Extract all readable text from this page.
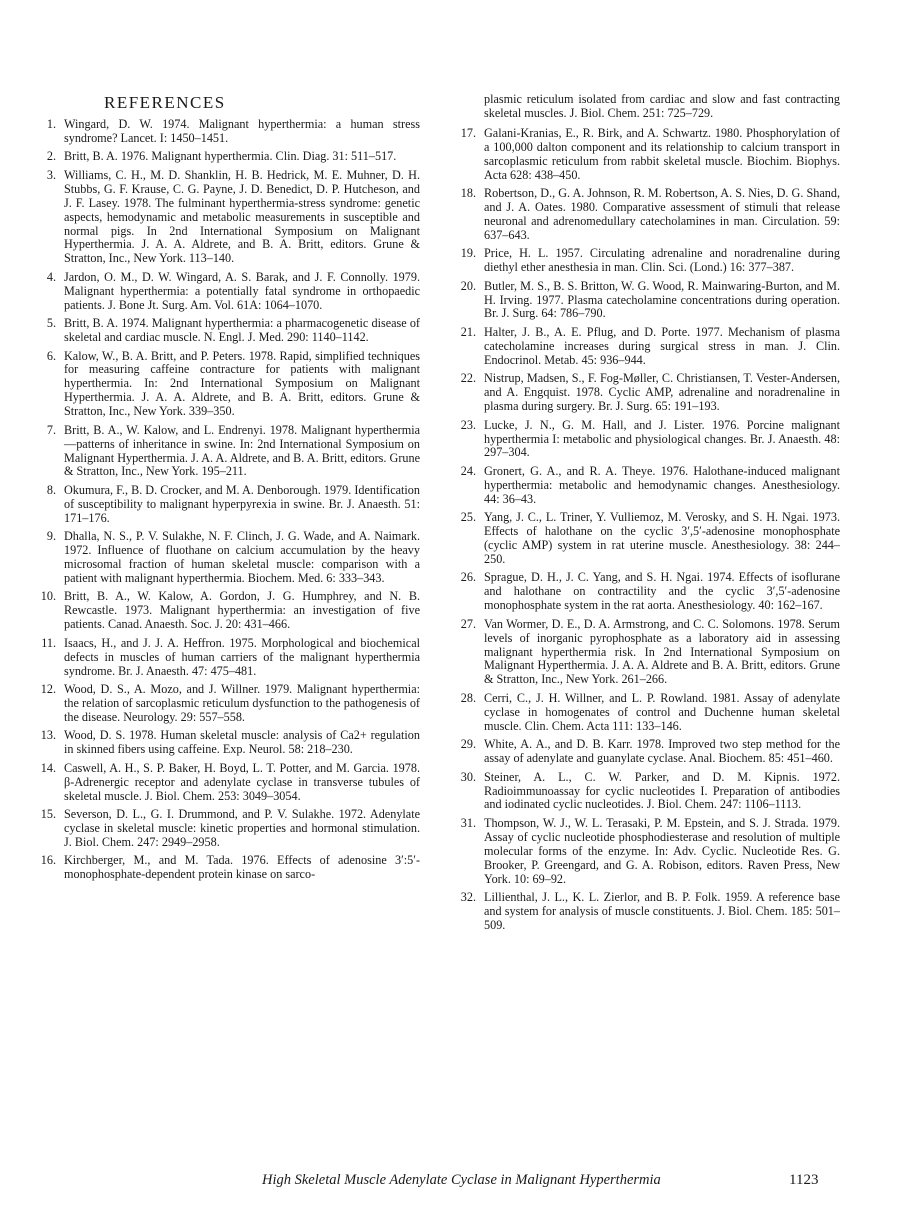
REFERENCES
1. Wingard, D. W. 1974. Malignant hyperthermia: a human stress syndrome? Lancet. I: 1450–1451.
2. Britt, B. A. 1976. Malignant hyperthermia. Clin. Diag. 31: 511–517.
3. Williams, C. H., M. D. Shanklin, H. B. Hedrick, M. E. Muhner, D. H. Stubbs, G. F. Krause, C. G. Payne, J. D. Benedict, D. P. Hutcheson, and J. F. Lasey. 1978. The fulminant hyperthermia-stress syndrome: genetic aspects, hemodynamic and metabolic measurements in susceptible and normal pigs. In 2nd International Symposium on Malignant Hyperthermia. J. A. A. Aldrete, and B. A. Britt, editors. Grune & Stratton, Inc., New York. 113–140.
4. Jardon, O. M., D. W. Wingard, A. S. Barak, and J. F. Connolly. 1979. Malignant hyperthermia: a potentially fatal syndrome in orthopaedic patients. J. Bone Jt. Surg. Am. Vol. 61A: 1064–1070.
5. Britt, B. A. 1974. Malignant hyperthermia: a pharmacogenetic disease of skeletal and cardiac muscle. N. Engl. J. Med. 290: 1140–1142.
6. Kalow, W., B. A. Britt, and P. Peters. 1978. Rapid, simplified techniques for measuring caffeine contracture for patients with malignant hyperthermia. In: 2nd International Symposium on Malignant Hyperthermia. J. A. A. Aldrete, and B. A. Britt, editors. Grune & Stratton, Inc., New York. 339–350.
7. Britt, B. A., W. Kalow, and L. Endrenyi. 1978. Malignant hyperthermia—patterns of inheritance in swine. In: 2nd International Symposium on Malignant Hyperthermia. J. A. A. Aldrete, and B. A. Britt, editors. Grune & Stratton, Inc., New York. 195–211.
8. Okumura, F., B. D. Crocker, and M. A. Denborough. 1979. Identification of susceptibility to malignant hyperpyrexia in swine. Br. J. Anaesth. 51: 171–176.
9. Dhalla, N. S., P. V. Sulakhe, N. F. Clinch, J. G. Wade, and A. Naimark. 1972. Influence of fluothane on calcium accumulation by the heavy microsomal fraction of human skeletal muscle: comparison with a patient with malignant hyperthermia. Biochem. Med. 6: 333–343.
10. Britt, B. A., W. Kalow, A. Gordon, J. G. Humphrey, and N. B. Rewcastle. 1973. Malignant hyperthermia: an investigation of five patients. Canad. Anaesth. Soc. J. 20: 431–466.
11. Isaacs, H., and J. J. A. Heffron. 1975. Morphological and biochemical defects in muscles of human carriers of the malignant hyperthermia syndrome. Br. J. Anaesth. 47: 475–481.
12. Wood, D. S., A. Mozo, and J. Willner. 1979. Malignant hyperthermia: the relation of sarcoplasmic reticulum dysfunction to the pathogenesis of the disease. Neurology. 29: 557–558.
13. Wood, D. S. 1978. Human skeletal muscle: analysis of Ca2+ regulation in skinned fibers using caffeine. Exp. Neurol. 58: 218–230.
14. Caswell, A. H., S. P. Baker, H. Boyd, L. T. Potter, and M. Garcia. 1978. β-Adrenergic receptor and adenylate cyclase in transverse tubules of skeletal muscle. J. Biol. Chem. 253: 3049–3054.
15. Severson, D. L., G. I. Drummond, and P. V. Sulakhe. 1972. Adenylate cyclase in skeletal muscle: kinetic properties and hormonal stimulation. J. Biol. Chem. 247: 2949–2958.
16. Kirchberger, M., and M. Tada. 1976. Effects of adenosine 3′:5′-monophosphate-dependent protein kinase on sarco-
plasmic reticulum isolated from cardiac and slow and fast contracting skeletal muscles. J. Biol. Chem. 251: 725–729.
17. Galani-Kranias, E., R. Birk, and A. Schwartz. 1980. Phosphorylation of a 100,000 dalton component and its relationship to calcium transport in sarcoplasmic reticulum from rabbit skeletal muscle. Biochim. Biophys. Acta 628: 438–450.
18. Robertson, D., G. A. Johnson, R. M. Robertson, A. S. Nies, D. G. Shand, and J. A. Oates. 1980. Comparative assessment of stimuli that release neuronal and adrenomedullary catecholamines in man. Circulation. 59: 637–643.
19. Price, H. L. 1957. Circulating adrenaline and noradrenaline during diethyl ether anesthesia in man. Clin. Sci. (Lond.) 16: 377–387.
20. Butler, M. S., B. S. Britton, W. G. Wood, R. Mainwaring-Burton, and M. H. Irving. 1977. Plasma catecholamine concentrations during operation. Br. J. Surg. 64: 786–790.
21. Halter, J. B., A. E. Pflug, and D. Porte. 1977. Mechanism of plasma catecholamine increases during surgical stress in man. J. Clin. Endocrinol. Metab. 45: 936–944.
22. Nistrup, Madsen, S., F. Fog-Møller, C. Christiansen, T. Vester-Andersen, and A. Engquist. 1978. Cyclic AMP, adrenaline and noradrenaline in plasma during surgery. Br. J. Surg. 65: 191–193.
23. Lucke, J. N., G. M. Hall, and J. Lister. 1976. Porcine malignant hyperthermia I: metabolic and physiological changes. Br. J. Anaesth. 48: 297–304.
24. Gronert, G. A., and R. A. Theye. 1976. Halothane-induced malignant hyperthermia: metabolic and hemodynamic changes. Anesthesiology. 44: 36–43.
25. Yang, J. C., L. Triner, Y. Vulliemoz, M. Verosky, and S. H. Ngai. 1973. Effects of halothane on the cyclic 3′,5′-adenosine monophosphate (cyclic AMP) system in rat uterine muscle. Anesthesiology. 38: 244–250.
26. Sprague, D. H., J. C. Yang, and S. H. Ngai. 1974. Effects of isoflurane and halothane on contractility and the cyclic 3′,5′-adenosine monophosphate system in the rat aorta. Anesthesiology. 40: 162–167.
27. Van Wormer, D. E., D. A. Armstrong, and C. C. Solomons. 1978. Serum levels of inorganic pyrophosphate as a laboratory aid in assessing malignant hyperthermia risk. In 2nd International Symposium on Malignant Hyperthermia. J. A. A. Aldrete and B. A. Britt, editors. Grune & Stratton, Inc., New York. 261–266.
28. Cerri, C., J. H. Willner, and L. P. Rowland. 1981. Assay of adenylate cyclase in homogenates of control and Duchenne human skeletal muscle. Clin. Chem. Acta 111: 133–146.
29. White, A. A., and D. B. Karr. 1978. Improved two step method for the assay of adenylate and guanylate cyclase. Anal. Biochem. 85: 451–460.
30. Steiner, A. L., C. W. Parker, and D. M. Kipnis. 1972. Radioimmunoassay for cyclic nucleotides I. Preparation of antibodies and iodinated cyclic nucleotides. J. Biol. Chem. 247: 1106–1113.
31. Thompson, W. J., W. L. Terasaki, P. M. Epstein, and S. J. Strada. 1979. Assay of cyclic nucleotide phosphodiesterase and resolution of multiple molecular forms of the enzyme. In: Adv. Cyclic. Nucleotide Res. G. Brooker, P. Greengard, and G. A. Robison, editors. Raven Press, New York. 10: 69–92.
32. Lillienthal, J. L., K. L. Zierlor, and B. P. Folk. 1959. A reference base and system for analysis of muscle constituents. J. Biol. Chem. 185: 501–509.
High Skeletal Muscle Adenylate Cyclase in Malignant Hyperthermia	1123
